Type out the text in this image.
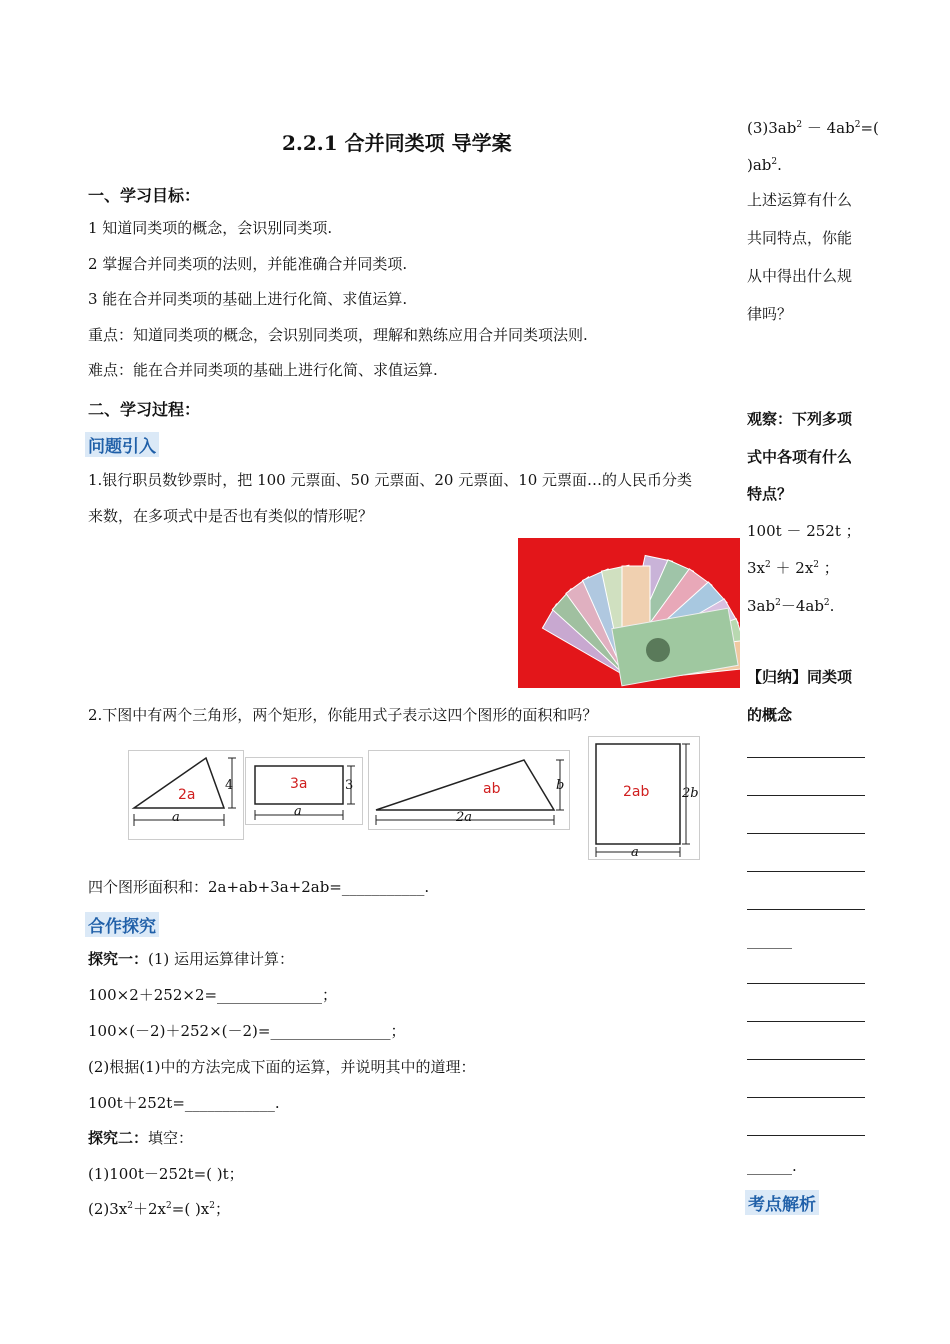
2.2.1 合并同类项 导学案
一、学习目标：
1 知道同类项的概念，会识别同类项.
2 掌握合并同类项的法则，并能准确合并同类项.
3 能在合并同类项的基础上进行化简、求值运算.
重点：知道同类项的概念，会识别同类项，理解和熟练应用合并同类项法则.
难点：能在合并同类项的基础上进行化简、求值运算.
二、学习过程：
问题引入
1.银行职员数钞票时，把 100 元票面、50 元票面、20 元票面、10 元票面…的人民币分类
来数，在多项式中是否也有类似的情形呢？
2.下图中有两个三角形，两个矩形，你能用式子表示这四个图形的面积和吗？
2a
4
a
3a	3
a
ab	b
2a
2ab	2b
a
四个图形面积和：2a+ab+3a+2ab=___________.
合作探究
探究一：(1) 运用运算律计算：
100×2＋252×2=______________；
100×(－2)＋252×(－2)=________________；
(2)根据(1)中的方法完成下面的运算，并说明其中的道理：
100t＋252t=____________.
探究二：填空：
(1)100t－252t=( )t；
$(2)3x^2+2x^2=$( )$x^2$；
$(3)3ab^2 - 4ab^2=$(
)$ab^2$.
上述运算有什么
共同特点，你能
从中得出什么规
律吗？
观察：下列多项
式中各项有什么
特点？
100t － 252t ；
$3x^2 + 2x^2$ ；
$3ab^2-4ab^2$.
【归纳】同类项
的概念
______
______.
考点解析
